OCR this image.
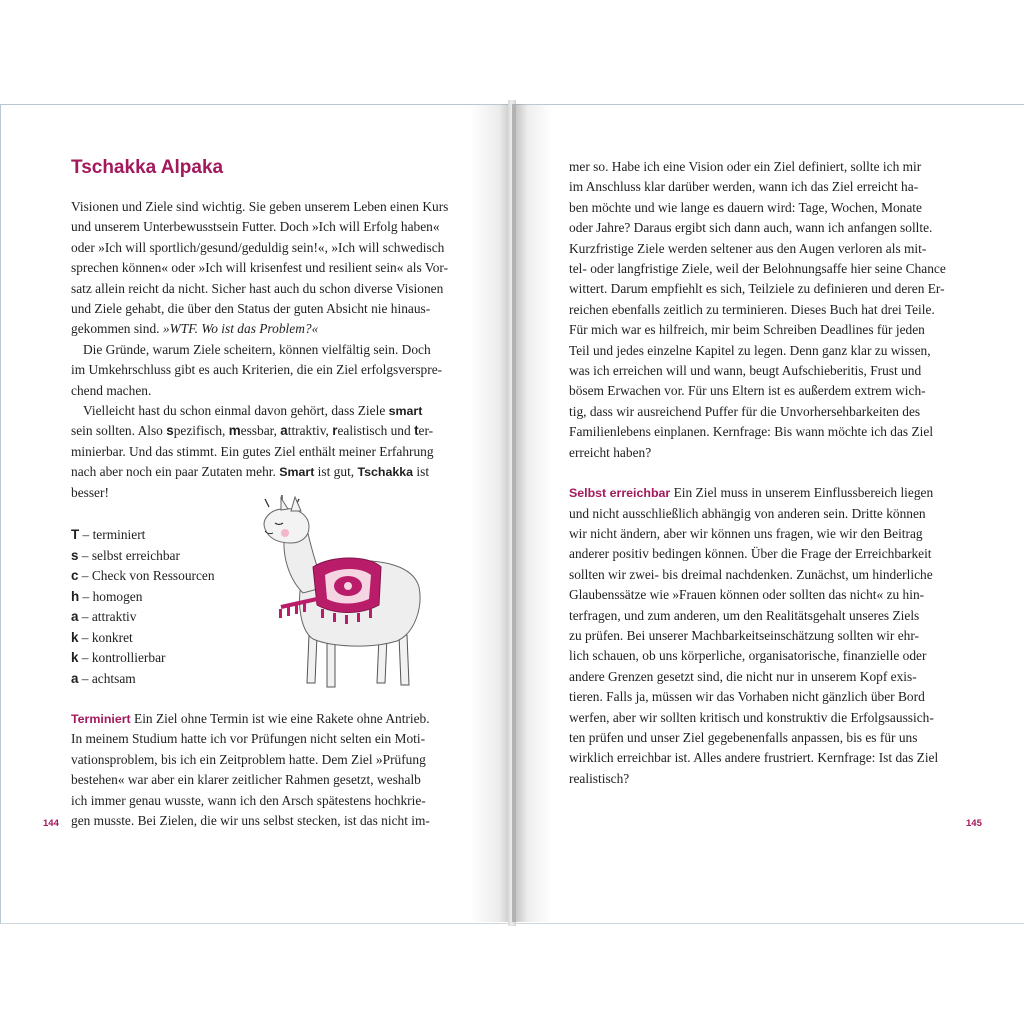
Tschakka Alpaka

Visionen und Ziele sind wichtig. Sie geben unserem Leben einen Kurs
und unserem Unterbewusstsein Futter. Doch »Ich will Erfolg haben«
oder »Ich will sportlich/gesund/geduldig sein!«, »Ich will schwedisch
sprechen können« oder »Ich will krisenfest und resilient sein« als Vor-
satz allein reicht da nicht. Sicher hast auch du schon diverse Visionen
und Ziele gehabt, die über den Status der guten Absicht nie hinaus-
gekommen sind. »WTF. Wo ist das Problem?«

Die Gründe, warum Ziele scheitern, können vielfältig sein. Doch
im Umkehrschluss gibt es auch Kriterien, die ein Ziel erfolgsverspre-
chend machen.

Vielleicht hast du schon einmal davon gehört, dass Ziele smart
sein sollten. Also spezifisch, messbar, attraktiv, realistisch und ter-
minierbar. Und das stimmt. Ein gutes Ziel enthält meiner Erfahrung
nach aber noch ein paar Zutaten mehr. Smart ist gut, Tschakka ist
besser!

T – terminiert
s – selbst erreichbar
c – Check von Ressourcen
h – homogen
a – attraktiv
k – konkret
k – kontrollierbar
a – achtsam

Terminiert Ein Ziel ohne Termin ist wie eine Rakete ohne Antrieb.
In meinem Studium hatte ich vor Prüfungen nicht selten ein Moti-
vationsproblem, bis ich ein Zeitproblem hatte. Dem Ziel »Prüfung
bestehen« war aber ein klarer zeitlicher Rahmen gesetzt, weshalb
ich immer genau wusste, wann ich den Arsch spätestens hochkrie-
gen musste. Bei Zielen, die wir uns selbst stecken, ist das nicht im-

144

mer so. Habe ich eine Vision oder ein Ziel definiert, sollte ich mir
im Anschluss klar darüber werden, wann ich das Ziel erreicht ha-
ben möchte und wie lange es dauern wird: Tage, Wochen, Monate
oder Jahre? Daraus ergibt sich dann auch, wann ich anfangen sollte.
Kurzfristige Ziele werden seltener aus den Augen verloren als mit-
tel- oder langfristige Ziele, weil der Belohnungsaffe hier seine Chance
wittert. Darum empfiehlt es sich, Teilziele zu definieren und deren Er-
reichen ebenfalls zeitlich zu terminieren. Dieses Buch hat drei Teile.
Für mich war es hilfreich, mir beim Schreiben Deadlines für jeden
Teil und jedes einzelne Kapitel zu legen. Denn ganz klar zu wissen,
was ich erreichen will und wann, beugt Aufschieberitis, Frust und
bösem Erwachen vor. Für uns Eltern ist es außerdem extrem wich-
tig, dass wir ausreichend Puffer für die Unvorhersehbarkeiten des
Familienlebens einplanen. Kernfrage: Bis wann möchte ich das Ziel
erreicht haben?

Selbst erreichbar Ein Ziel muss in unserem Einflussbereich liegen
und nicht ausschließlich abhängig von anderen sein. Dritte können
wir nicht ändern, aber wir können uns fragen, wie wir den Beitrag
anderer positiv bedingen können. Über die Frage der Erreichbarkeit
sollten wir zwei- bis dreimal nachdenken. Zunächst, um hinderliche
Glaubenssätze wie »Frauen können oder sollten das nicht« zu hin-
terfragen, und zum anderen, um den Realitätsgehalt unseres Ziels
zu prüfen. Bei unserer Machbarkeitseinschätzung sollten wir ehr-
lich schauen, ob uns körperliche, organisatorische, finanzielle oder
andere Grenzen gesetzt sind, die nicht nur in unserem Kopf exis-
tieren. Falls ja, müssen wir das Vorhaben nicht gänzlich über Bord
werfen, aber wir sollten kritisch und konstruktiv die Erfolgsaussich-
ten prüfen und unser Ziel gegebenenfalls anpassen, bis es für uns
wirklich erreichbar ist. Alles andere frustriert. Kernfrage: Ist das Ziel
realistisch?

145
